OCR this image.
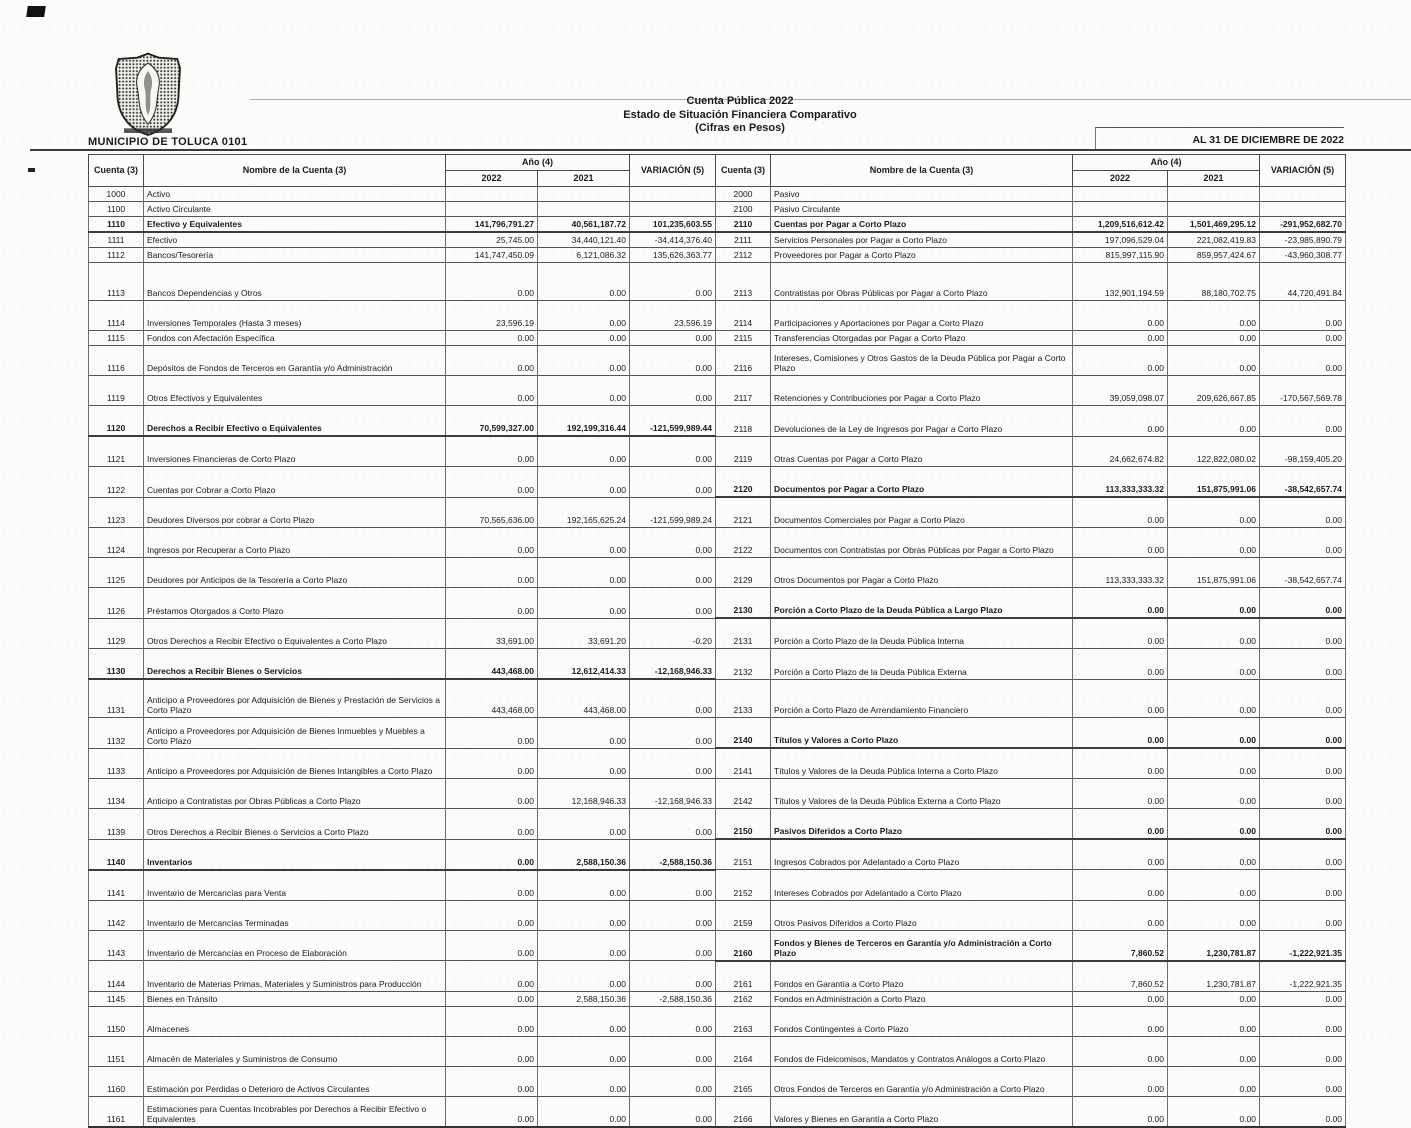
MUNICIPIO DE TOLUCA 0101
Cuenta Pública 2022
Estado de Situación Financiera Comparativo
(Cifras en Pesos)
AL 31 DE DICIEMBRE DE 2022
Cuenta (3)	Nombre de la Cuenta (3)	Año (4)		VARIACIÓN (5)	Cuenta (3)	Nombre de la Cuenta (3)	Año (4)		VARIACIÓN (5)
		2022	2021				2022	2021	
1000	Activo				2000	Pasivo			
1100	Activo Circulante				2100	Pasivo Circulante			
1110	Efectivo y Equivalentes	141,796,791.27	40,561,187.72	101,235,603.55	2110	Cuentas por Pagar a Corto Plazo	1,209,516,612.42	1,501,469,295.12	-291,952,682.70
1111	Efectivo	25,745.00	34,440,121.40	-34,414,376.40	2111	Servicios Personales por Pagar a Corto Plazo	197,096,529.04	221,082,419.83	-23,985,890.79
1112	Bancos/Tesorería	141,747,450.09	6,121,086.32	135,626,363.77	2112	Proveedores por Pagar a Corto Plazo	815,997,115.90	859,957,424.67	-43,960,308.77
1113	Bancos Dependencias y Otros	0.00	0.00	0.00	2113	Contratistas por Obras Públicas por Pagar a Corto Plazo	132,901,194.59	88,180,702.75	44,720,491.84
1114	Inversiones Temporales (Hasta 3 meses)	23,596.19	0.00	23,596.19	2114	Participaciones y Aportaciones por Pagar a Corto Plazo	0.00	0.00	0.00
1115	Fondos con Afectación Específica	0.00	0.00	0.00	2115	Transferencias Otorgadas por Pagar a Corto Plazo	0.00	0.00	0.00
1116	Depósitos de Fondos de Terceros en Garantía y/o Administración	0.00	0.00	0.00	2116	Intereses, Comisiones y Otros Gastos de la Deuda Pública por Pagar a Corto Plazo	0.00	0.00	0.00
1119	Otros Efectivos y Equivalentes	0.00	0.00	0.00	2117	Retenciones y Contribuciones por Pagar a Corto Plazo	39,059,098.07	209,626,667.85	-170,567,569.78
1120	Derechos a Recibir Efectivo o Equivalentes	70,599,327.00	192,199,316.44	-121,599,989.44	2118	Devoluciones de la Ley de Ingresos por Pagar a Corto Plazo	0.00	0.00	0.00
1121	Inversiones Financieras de Corto Plazo	0.00	0.00	0.00	2119	Otras Cuentas por Pagar a Corto Plazo	24,662,674.82	122,822,080.02	-98,159,405.20
1122	Cuentas por Cobrar a Corto Plazo	0.00	0.00	0.00	2120	Documentos por Pagar a Corto Plazo	113,333,333.32	151,875,991.06	-38,542,657.74
1123	Deudores Diversos por cobrar a Corto Plazo	70,565,636.00	192,165,625.24	-121,599,989.24	2121	Documentos Comerciales por Pagar a Corto Plazo	0.00	0.00	0.00
1124	Ingresos por Recuperar a Corto Plazo	0.00	0.00	0.00	2122	Documentos con Contratistas por Obras Públicas por Pagar a Corto Plazo	0.00	0.00	0.00
1125	Deudores por Anticipos de la Tesorería a Corto Plazo	0.00	0.00	0.00	2129	Otros Documentos por Pagar a Corto Plazo	113,333,333.32	151,875,991.06	-38,542,657.74
1126	Préstamos Otorgados a Corto Plazo	0.00	0.00	0.00	2130	Porción a Corto Plazo de la Deuda Pública a Largo Plazo	0.00	0.00	0.00
1129	Otros Derechos a Recibir Efectivo o Equivalentes a Corto Plazo	33,691.00	33,691.20	-0.20	2131	Porción a Corto Plazo de la Deuda Pública Interna	0.00	0.00	0.00
1130	Derechos a Recibir Bienes o Servicios	443,468.00	12,612,414.33	-12,168,946.33	2132	Porción a Corto Plazo de la Deuda Pública Externa	0.00	0.00	0.00
1131	Anticipo a Proveedores por Adquisición de Bienes y Prestación de Servicios a Corto Plazo	443,468.00	443,468.00	0.00	2133	Porción a Corto Plazo de Arrendamiento Financiero	0.00	0.00	0.00
1132	Anticipo a Proveedores por Adquisición de Bienes Inmuebles y Muebles a Corto Plazo	0.00	0.00	0.00	2140	Títulos y Valores a Corto Plazo	0.00	0.00	0.00
1133	Anticipo a Proveedores por Adquisición de Bienes Intangibles a Corto Plazo	0.00	0.00	0.00	2141	Títulos y Valores de la Deuda Pública Interna a Corto Plazo	0.00	0.00	0.00
1134	Anticipo a Contratistas por Obras Públicas a Corto Plazo	0.00	12,168,946.33	-12,168,946.33	2142	Títulos y Valores de la Deuda Pública Externa a Corto Plazo	0.00	0.00	0.00
1139	Otros Derechos a Recibir Bienes o Servicios a Corto Plazo	0.00	0.00	0.00	2150	Pasivos Diferidos a Corto Plazo	0.00	0.00	0.00
1140	Inventarios	0.00	2,588,150.36	-2,588,150.36	2151	Ingresos Cobrados por Adelantado a Corto Plazo	0.00	0.00	0.00
1141	Inventario de Mercancías para Venta	0.00	0.00	0.00	2152	Intereses Cobrados por Adelantado a Corto Plazo	0.00	0.00	0.00
1142	Inventario de Mercancías Terminadas	0.00	0.00	0.00	2159	Otros Pasivos Diferidos a Corto Plazo	0.00	0.00	0.00
1143	Inventario de Mercancías en Proceso de Elaboración	0.00	0.00	0.00	2160	Fondos y Bienes de Terceros en Garantía y/o Administración a Corto Plazo	7,860.52	1,230,781.87	-1,222,921.35
1144	Inventario de Materias Primas, Materiales y Suministros para Producción	0.00	0.00	0.00	2161	Fondos en Garantía a Corto Plazo	7,860.52	1,230,781.87	-1,222,921.35
1145	Bienes en Tránsito	0.00	2,588,150.36	-2,588,150.36	2162	Fondos en Administración a Corto Plazo	0.00	0.00	0.00
1150	Almacenes	0.00	0.00	0.00	2163	Fondos Contingentes a Corto Plazo	0.00	0.00	0.00
1151	Almacén de Materiales y Suministros de Consumo	0.00	0.00	0.00	2164	Fondos de Fideicomisos, Mandatos y Contratos Análogos a Corto Plazo	0.00	0.00	0.00
1160	Estimación por Perdidas o Deterioro de Activos Circulantes	0.00	0.00	0.00	2165	Otros Fondos de Terceros en Garantía y/o Administración a Corto Plazo	0.00	0.00	0.00
1161	Estimaciones para Cuentas Incobrables por Derechos a Recibir Efectivo o Equivalentes	0.00	0.00	0.00	2166	Valores y Bienes en Garantía a Corto Plazo	0.00	0.00	0.00
